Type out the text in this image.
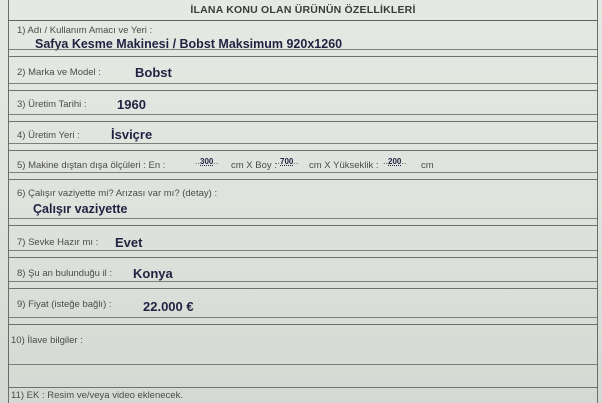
İLANA KONU OLAN ÜRÜNÜN ÖZELLİKLERİ
1) Adı / Kullanım Amacı ve Yeri :
Safya Kesme Makinesi / Bobst Maksimum 920x1260
2) Marka ve Model :	Bobst
3) Üretim Tarihi : 1960
4) Üretim Yeri : İsviçre
5) Makine dıştan dışa ölçüleri : En :	..300.. cm X Boy :
..700.. cm X Yükseklik : ..200.. cm
6) Çalışır vaziyette mi? Arızası var mı? (detay) :
Çalışır vaziyette
7) Sevke Hazır mı : Evet
8) Şu an bulunduğu il : Konya
9) Fiyat (isteğe bağlı) : 22.000 €
10) İlave bilgiler :
11) EK : Resim ve/veya video eklenecek.
